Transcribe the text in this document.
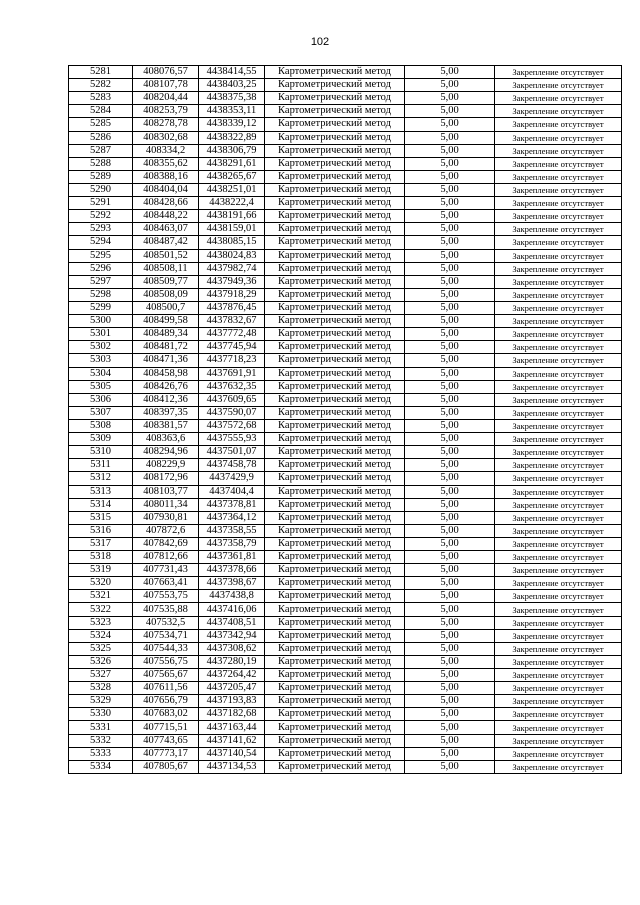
102
5281	408076,57	4438414,55	Картометрический метод	5,00	Закрепление отсутствует
5282	408107,78	4438403,25	Картометрический метод	5,00	Закрепление отсутствует
5283	408204,44	4438375,38	Картометрический метод	5,00	Закрепление отсутствует
5284	408253,79	4438353,11	Картометрический метод	5,00	Закрепление отсутствует
5285	408278,78	4438339,12	Картометрический метод	5,00	Закрепление отсутствует
5286	408302,68	4438322,89	Картометрический метод	5,00	Закрепление отсутствует
5287	408334,2	4438306,79	Картометрический метод	5,00	Закрепление отсутствует
5288	408355,62	4438291,61	Картометрический метод	5,00	Закрепление отсутствует
5289	408388,16	4438265,67	Картометрический метод	5,00	Закрепление отсутствует
5290	408404,04	4438251,01	Картометрический метод	5,00	Закрепление отсутствует
5291	408428,66	4438222,4	Картометрический метод	5,00	Закрепление отсутствует
5292	408448,22	4438191,66	Картометрический метод	5,00	Закрепление отсутствует
5293	408463,07	4438159,01	Картометрический метод	5,00	Закрепление отсутствует
5294	408487,42	4438085,15	Картометрический метод	5,00	Закрепление отсутствует
5295	408501,52	4438024,83	Картометрический метод	5,00	Закрепление отсутствует
5296	408508,11	4437982,74	Картометрический метод	5,00	Закрепление отсутствует
5297	408509,77	4437949,36	Картометрический метод	5,00	Закрепление отсутствует
5298	408508,09	4437918,29	Картометрический метод	5,00	Закрепление отсутствует
5299	408500,7	4437876,45	Картометрический метод	5,00	Закрепление отсутствует
5300	408499,58	4437832,67	Картометрический метод	5,00	Закрепление отсутствует
5301	408489,34	4437772,48	Картометрический метод	5,00	Закрепление отсутствует
5302	408481,72	4437745,94	Картометрический метод	5,00	Закрепление отсутствует
5303	408471,36	4437718,23	Картометрический метод	5,00	Закрепление отсутствует
5304	408458,98	4437691,91	Картометрический метод	5,00	Закрепление отсутствует
5305	408426,76	4437632,35	Картометрический метод	5,00	Закрепление отсутствует
5306	408412,36	4437609,65	Картометрический метод	5,00	Закрепление отсутствует
5307	408397,35	4437590,07	Картометрический метод	5,00	Закрепление отсутствует
5308	408381,57	4437572,68	Картометрический метод	5,00	Закрепление отсутствует
5309	408363,6	4437555,93	Картометрический метод	5,00	Закрепление отсутствует
5310	408294,96	4437501,07	Картометрический метод	5,00	Закрепление отсутствует
5311	408229,9	4437458,78	Картометрический метод	5,00	Закрепление отсутствует
5312	408172,96	4437429,9	Картометрический метод	5,00	Закрепление отсутствует
5313	408103,77	4437404,4	Картометрический метод	5,00	Закрепление отсутствует
5314	408011,34	4437378,81	Картометрический метод	5,00	Закрепление отсутствует
5315	407930,81	4437364,12	Картометрический метод	5,00	Закрепление отсутствует
5316	407872,6	4437358,55	Картометрический метод	5,00	Закрепление отсутствует
5317	407842,69	4437358,79	Картометрический метод	5,00	Закрепление отсутствует
5318	407812,66	4437361,81	Картометрический метод	5,00	Закрепление отсутствует
5319	407731,43	4437378,66	Картометрический метод	5,00	Закрепление отсутствует
5320	407663,41	4437398,67	Картометрический метод	5,00	Закрепление отсутствует
5321	407553,75	4437438,8	Картометрический метод	5,00	Закрепление отсутствует
5322	407535,88	4437416,06	Картометрический метод	5,00	Закрепление отсутствует
5323	407532,5	4437408,51	Картометрический метод	5,00	Закрепление отсутствует
5324	407534,71	4437342,94	Картометрический метод	5,00	Закрепление отсутствует
5325	407544,33	4437308,62	Картометрический метод	5,00	Закрепление отсутствует
5326	407556,75	4437280,19	Картометрический метод	5,00	Закрепление отсутствует
5327	407565,67	4437264,42	Картометрический метод	5,00	Закрепление отсутствует
5328	407611,56	4437205,47	Картометрический метод	5,00	Закрепление отсутствует
5329	407656,79	4437193,83	Картометрический метод	5,00	Закрепление отсутствует
5330	407683,02	4437182,68	Картометрический метод	5,00	Закрепление отсутствует
5331	407715,51	4437163,44	Картометрический метод	5,00	Закрепление отсутствует
5332	407743,65	4437141,62	Картометрический метод	5,00	Закрепление отсутствует
5333	407773,17	4437140,54	Картометрический метод	5,00	Закрепление отсутствует
5334	407805,67	4437134,53	Картометрический метод	5,00	Закрепление отсутствует
